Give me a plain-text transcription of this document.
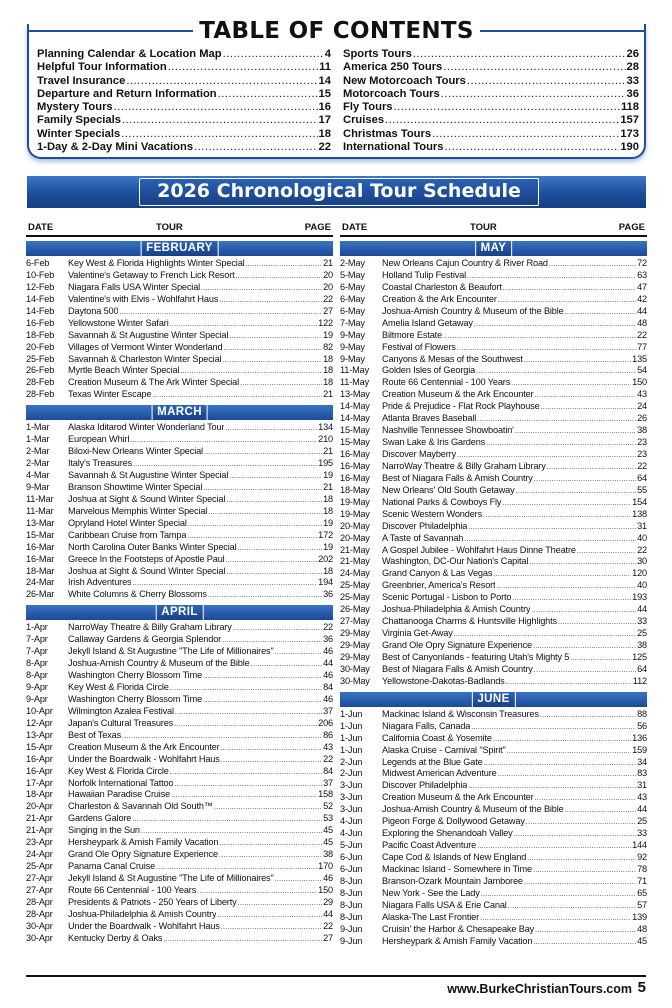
TABLE OF CONTENTS
Planning Calendar & Location Map .....	4
Helpful Tour Information .....	11
Travel Insurance .....	14
Departure and Return Information .....	15
Mystery Tours .....	16
Family Specials .....	17
Winter Specials .....	18
1-Day & 2-Day Mini Vacations .....	22
Sports Tours .....	26
America 250 Tours .....	28
New Motorcoach Tours .....	33
Motorcoach Tours .....	36
Fly Tours .....	118
Cruises .....	157
Christmas Tours .....	173
International Tours .....	190
2026 Chronological Tour Schedule
DATE	TOUR	PAGE
FEBRUARY
6-Feb	Key West & Florida Highlights Winter Special .....	21
10-Feb	Valentine's Getaway to French Lick Resort .....	20
12-Feb	Niagara Falls USA Winter Special .....	20
14-Feb	Valentine's with Elvis - Wohlfahrt Haus .....	22
14-Feb	Daytona 500 .....	27
16-Feb	Yellowstone Winter Safari .....	122
18-Feb	Savannah & St Augustine Winter Special .....	19
20-Feb	Villages of Vermont Winter Wonderland .....	82
25-Feb	Savannah & Charleston Winter Special .....	18
26-Feb	Myrtle Beach Winter Special .....	18
28-Feb	Creation Museum & The Ark Winter Special .....	18
28-Feb	Texas Winter Escape .....	21
MARCH
1-Mar	Alaska Iditarod Winter Wonderland Tour .....	134
1-Mar	European Whirl .....	210
2-Mar	Biloxi-New Orleans Winter Special .....	21
2-Mar	Italy's Treasures .....	195
4-Mar	Savannah & St Augustine Winter Special .....	19
9-Mar	Branson Showtime Winter Special .....	21
11-Mar	Joshua at Sight & Sound Winter Special .....	18
11-Mar	Marvelous Memphis Winter Special .....	18
13-Mar	Opryland Hotel Winter Special .....	19
15-Mar	Caribbean Cruise from Tampa .....	172
16-Mar	North Carolina Outer Banks Winter Special .....	19
16-Mar	Greece In the Footsteps of Apostle Paul .....	202
18-Mar	Joshua at Sight & Sound Winter Special .....	18
24-Mar	Irish Adventures .....	194
26-Mar	White Columns & Cherry Blossoms .....	36
APRIL
1-Apr	NarroWay Theatre & Billy Graham Library .....	22
7-Apr	Callaway Gardens & Georgia Splendor .....	36
7-Apr	Jekyll Island & St Augustine "The Life of Millionaires" .....	46
8-Apr	Joshua-Amish Country & Museum of the Bible .....	44
8-Apr	Washington Cherry Blossom Time .....	46
9-Apr	Key West & Florida Circle .....	84
9-Apr	Washington Cherry Blossom Time .....	46
10-Apr	Wilmington Azalea Festival .....	37
12-Apr	Japan's Cultural Treasures .....	206
13-Apr	Best of Texas .....	86
15-Apr	Creation Museum & the Ark Encounter .....	43
16-Apr	Under the Boardwalk - Wohlfahrt Haus .....	22
16-Apr	Key West & Florida Circle .....	84
17-Apr	Norfolk International Tattoo .....	37
18-Apr	Hawaiian Paradise Cruise .....	158
20-Apr	Charleston & Savannah Old South™ .....	52
21-Apr	Gardens Galore .....	53
21-Apr	Singing in the Sun .....	45
23-Apr	Hersheypark & Amish Family Vacation .....	45
24-Apr	Grand Ole Opry Signature Experience .....	38
25-Apr	Panama Canal Cruise .....	170
27-Apr	Jekyll Island & St Augustine "The Life of Millionaires" .....	46
27-Apr	Route 66 Centennial - 100 Years .....	150
28-Apr	Presidents & Patriots - 250 Years of Liberty .....	29
28-Apr	Joshua-Philadelphia & Amish Country .....	44
30-Apr	Under the Boardwalk - Wohlfahrt Haus .....	22
30-Apr	Kentucky Derby & Oaks .....	27
DATE	TOUR	PAGE
MAY
2-May	New Orleans Cajun Country & River Road .....	72
5-May	Holland Tulip Festival .....	63
6-May	Coastal Charleston & Beaufort .....	47
6-May	Creation & the Ark Encounter .....	42
6-May	Joshua-Amish Country & Museum of the Bible .....	44
7-May	Amelia Island Getaway .....	48
9-May	Biltmore Estate .....	22
9-May	Festival of Flowers .....	77
9-May	Canyons & Mesas of the Southwest .....	135
11-May	Golden Isles of Georgia .....	54
11-May	Route 66 Centennial - 100 Years .....	150
13-May	Creation Museum & the Ark Encounter .....	43
14-May	Pride & Prejudice - Flat Rock Playhouse .....	24
14-May	Atlanta Braves Baseball .....	26
15-May	Nashville Tennessee Showboatin' .....	38
15-May	Swan Lake & Iris Gardens .....	23
16-May	Discover Mayberry .....	23
16-May	NarroWay Theatre & Billy Graham Library .....	22
16-May	Best of Niagara Falls & Amish Country .....	64
18-May	New Orleans' Old South Getaway .....	55
19-May	National Parks & Cowboys Fly .....	154
19-May	Scenic Western Wonders .....	138
20-May	Discover Philadelphia .....	31
20-May	A Taste of Savannah .....	40
21-May	A Gospel Jubilee - Wohlfahrt Haus Dinne Theatre .....	22
21-May	Washington, DC-Our Nation's Capital .....	30
24-May	Grand Canyon & Las Vegas .....	120
25-May	Greenbrier, America's Resort .....	40
25-May	Scenic Portugal - Lisbon to Porto .....	193
26-May	Joshua-Philadelphia & Amish Country .....	44
27-May	Chattanooga Charms & Huntsville Highlights .....	33
29-May	Virginia Get-Away .....	25
29-May	Grand Ole Opry Signature Experience .....	38
29-May	Best of Canyonlands - featuring Utah's Mighty 5 .....	125
30-May	Best of Niagara Falls & Amish Country .....	64
30-May	Yellowstone-Dakotas-Badlands .....	112
JUNE
1-Jun	Mackinac Island & Wisconsin Treasures .....	88
1-Jun	Niagara Falls, Canada .....	56
1-Jun	California Coast & Yosemite .....	136
1-Jun	Alaska Cruise - Carnival "Spirit" .....	159
2-Jun	Legends at the Blue Gate .....	34
2-Jun	Midwest American Adventure .....	83
3-Jun	Discover Philadelphia .....	31
3-Jun	Creation Museum & the Ark Encounter .....	43
3-Jun	Joshua-Amish Country & Museum of the Bible .....	44
4-Jun	Pigeon Forge & Dollywood Getaway .....	25
4-Jun	Exploring the Shenandoah Valley .....	33
5-Jun	Pacific Coast Adventure .....	144
6-Jun	Cape Cod & Islands of New England .....	92
6-Jun	Mackinac Island - Somewhere in Time .....	78
8-Jun	Branson-Ozark Mountain Jamboree .....	71
8-Jun	New York - See the Lady .....	65
8-Jun	Niagara Falls USA & Erie Canal .....	57
8-Jun	Alaska-The Last Frontier .....	139
9-Jun	Cruisin' the Harbor & Chesapeake Bay .....	48
9-Jun	Hersheypark & Amish Family Vacation .....	45
www.BurkeChristianTours.com 5
